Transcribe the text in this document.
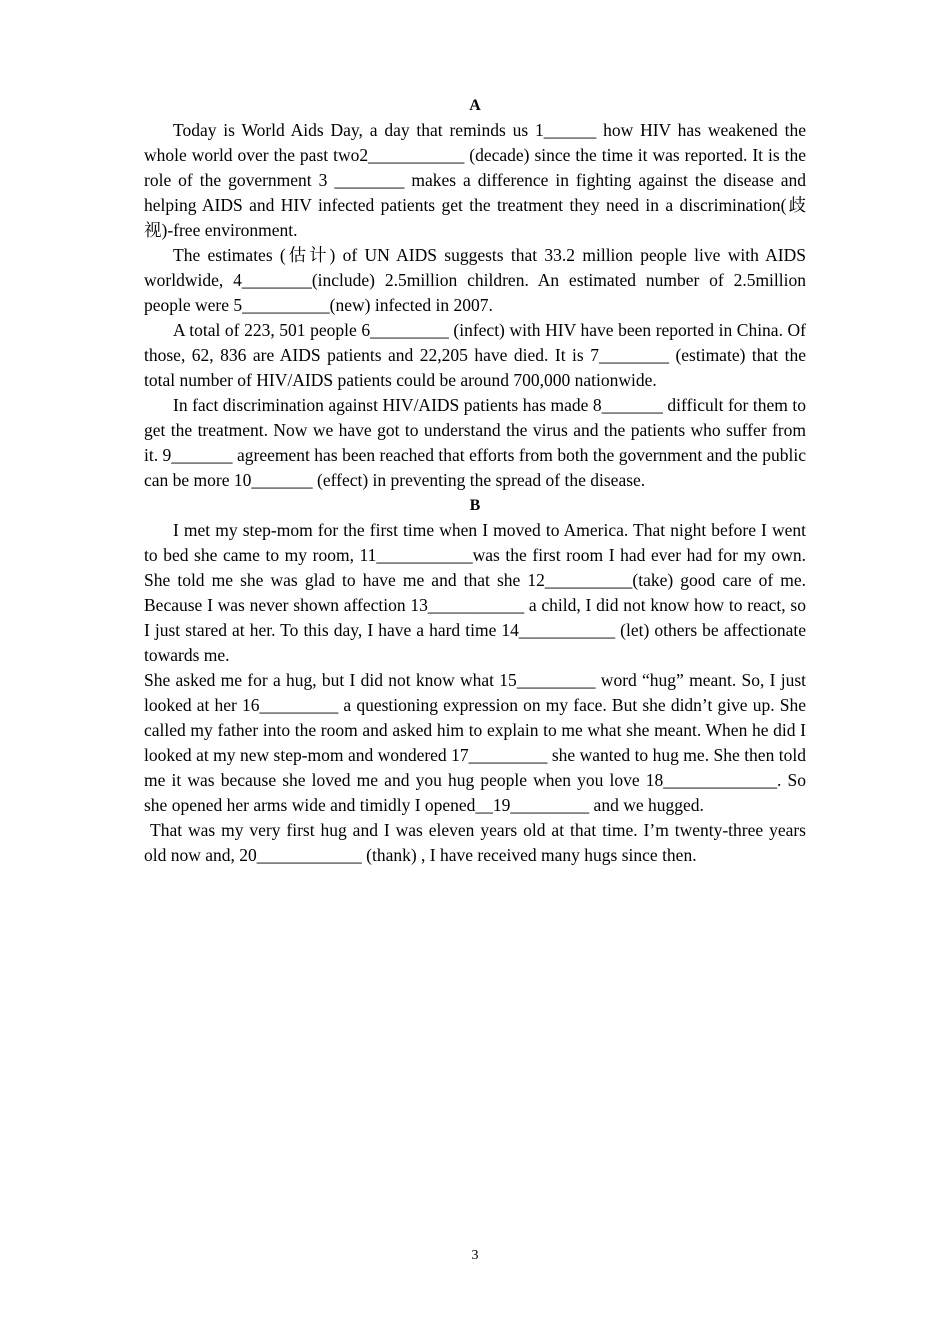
A

Today is World Aids Day, a day that reminds us 1______ how HIV has weakened the whole world over the past two2___________ (decade) since the time it was reported. It is the role of the government 3 ________ makes a difference in fighting against the disease and helping AIDS and HIV infected patients get the treatment they need in a discrimination(歧视)-free environment.

The estimates (估计) of UN AIDS suggests that 33.2 million people live with AIDS worldwide, 4________(include) 2.5million children. An estimated number of 2.5million people were 5__________(new) infected in 2007.

A total of 223, 501 people 6_________ (infect) with HIV have been reported in China. Of those, 62, 836 are AIDS patients and 22,205 have died. It is 7________ (estimate) that the total number of HIV/AIDS patients could be around 700,000 nationwide.

In fact discrimination against HIV/AIDS patients has made 8_______ difficult for them to get the treatment. Now we have got to understand the virus and the patients who suffer from it. 9_______ agreement has been reached that efforts from both the government and the public can be more 10_______ (effect) in preventing the spread of the disease.

B

I met my step-mom for the first time when I moved to America. That night before I went to bed she came to my room, 11___________was the first room I had ever had for my own. She told me she was glad to have me and that she 12__________(take) good care of me. Because I was never shown affection 13___________ a child, I did not know how to react, so I just stared at her. To this day, I have a hard time 14___________ (let) others be affectionate towards me.

She asked me for a hug, but I did not know what 15_________ word “hug” meant. So, I just looked at her 16_________ a questioning expression on my face. But she didn’t give up. She called my father into the room and asked him to explain to me what she meant. When he did I looked at my new step-mom and wondered 17_________ she wanted to hug me. She then told me it was because she loved me and you hug people when you love 18_____________. So she opened her arms wide and timidly I opened__19_________ and we hugged.

That was my very first hug and I was eleven years old at that time. I’m twenty-three years old now and, 20____________ (thank) , I have received many hugs since then.

3
